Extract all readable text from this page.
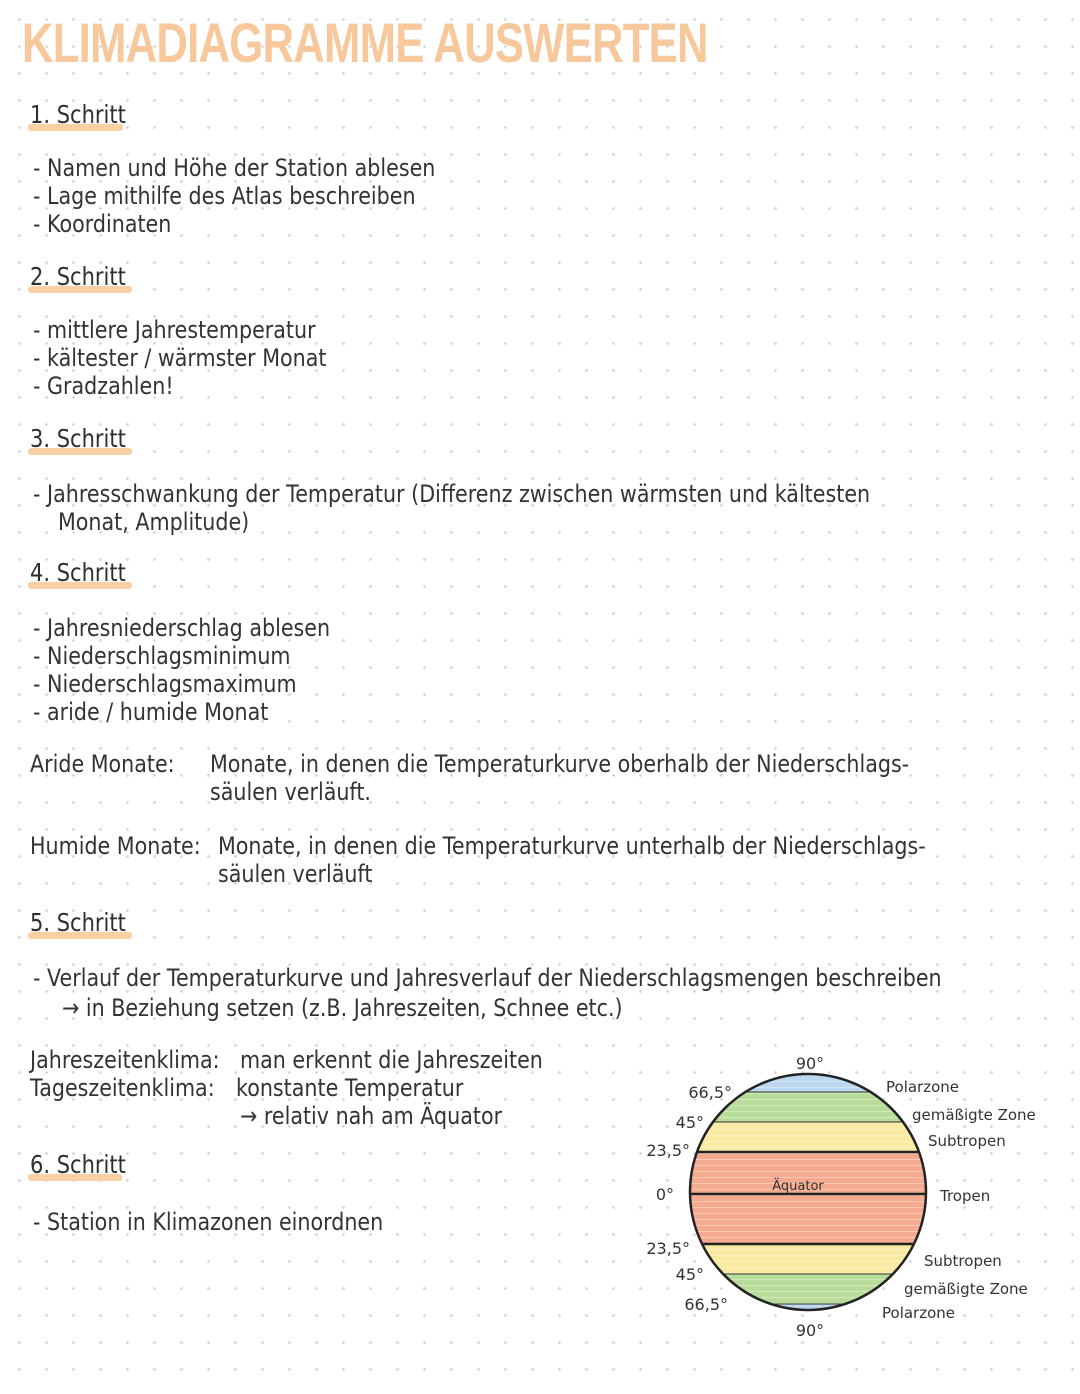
KLIMADIAGRAMME AUSWERTEN
1. Schritt
- Namen und Höhe der Station ablesen
- Lage mithilfe des Atlas beschreiben
- Koordinaten
2. Schritt
- mittlere Jahrestemperatur
- kältester / wärmster Monat
- Gradzahlen!
3. Schritt
- Jahresschwankung der Temperatur (Differenz zwischen wärmsten und kältesten
Monat, Amplitude)
4. Schritt
- Jahresniederschlag ablesen
- Niederschlagsminimum
- Niederschlagsmaximum
- aride / humide Monat
Aride Monate: Monate, in denen die Temperaturkurve oberhalb der Niederschlags-
säulen verläuft.
Humide Monate: Monate, in denen die Temperaturkurve unterhalb der Niederschlags-
säulen verläuft
5. Schritt
- Verlauf der Temperaturkurve und Jahresverlauf der Niederschlagsmengen beschreiben
→ in Beziehung setzen (z.B. Jahreszeiten, Schnee etc.)
Jahreszeitenklima: man erkennt die Jahreszeiten
Tageszeitenklima: konstante Temperatur
→ relativ nah am Äquator
6. Schritt
- Station in Klimazonen einordnen
Äquator
90°
90°
66,5°
45°
23,5°
0°
23,5°
45°
66,5°
Polarzone
gemäßigte Zone
Subtropen
Tropen
Subtropen
gemäßigte Zone
Polarzone
